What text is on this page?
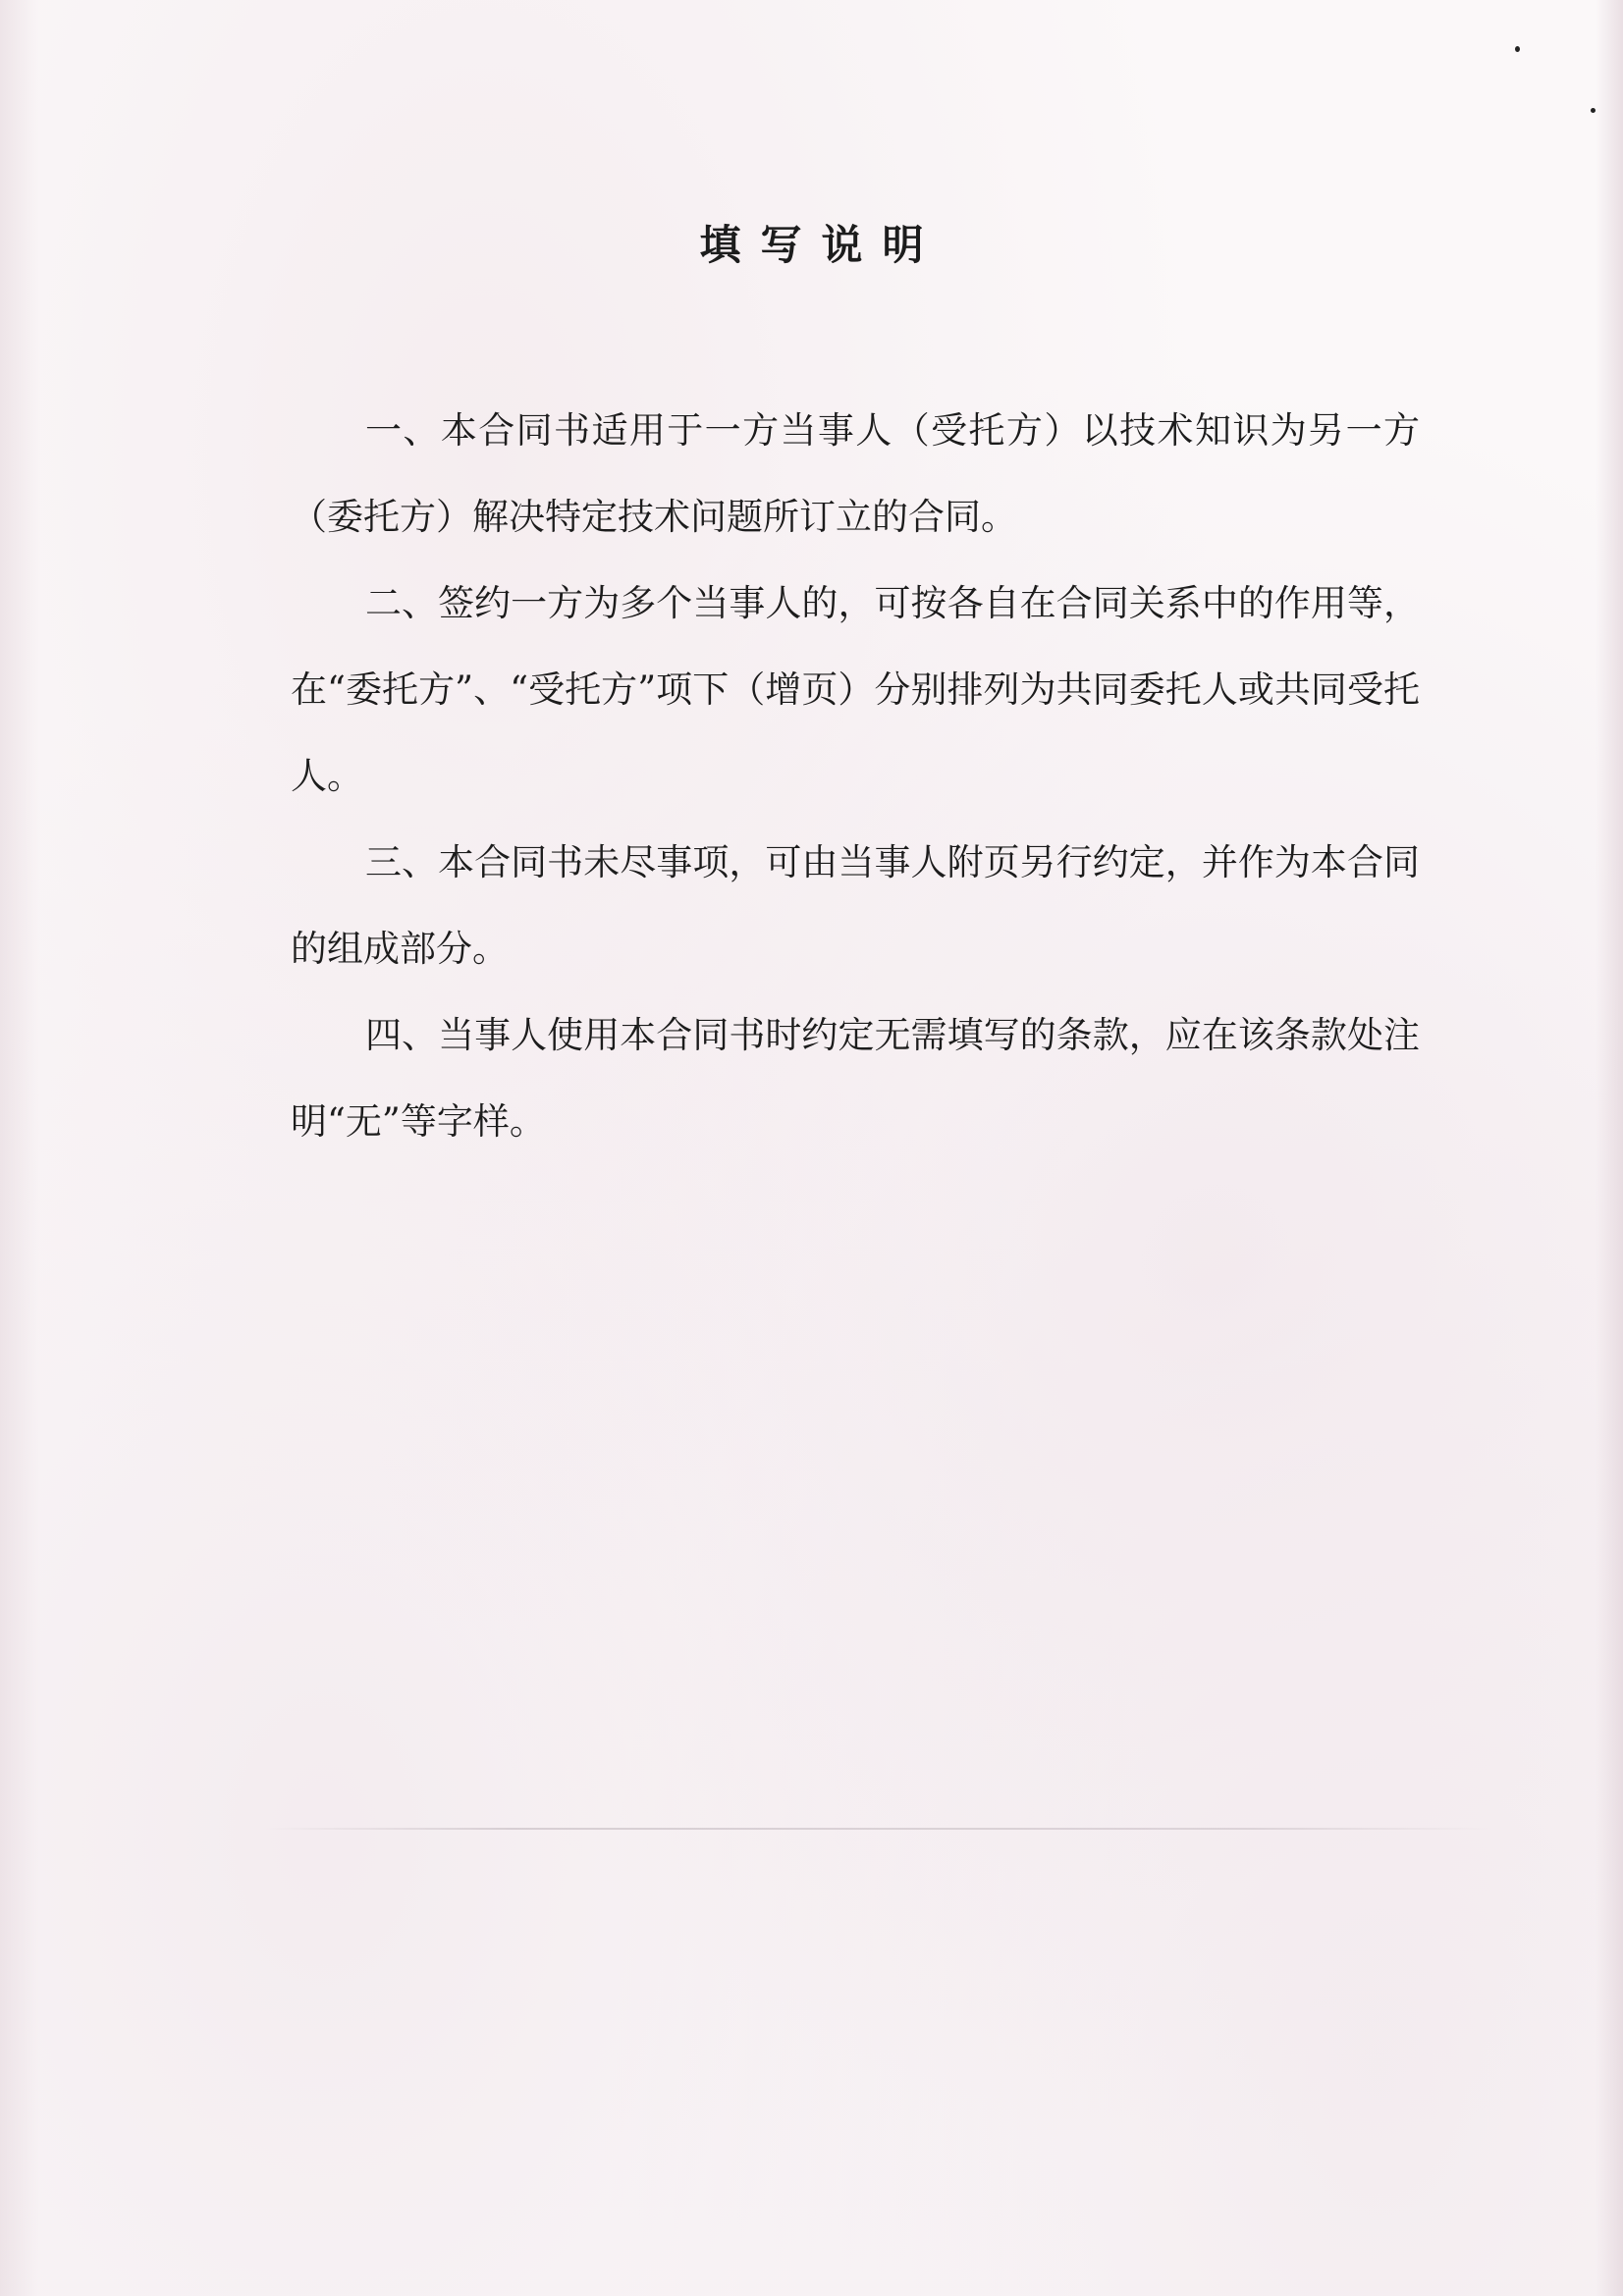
填写说明

一、本合同书适用于一方当事人（受托方）以技术知识为另一方（委托方）解决特定技术问题所订立的合同。

二、签约一方为多个当事人的，可按各自在合同关系中的作用等，在“委托方”、“受托方”项下（增页）分别排列为共同委托人或共同受托人。

三、本合同书未尽事项，可由当事人附页另行约定，并作为本合同的组成部分。

四、当事人使用本合同书时约定无需填写的条款，应在该条款处注明“无”等字样。
